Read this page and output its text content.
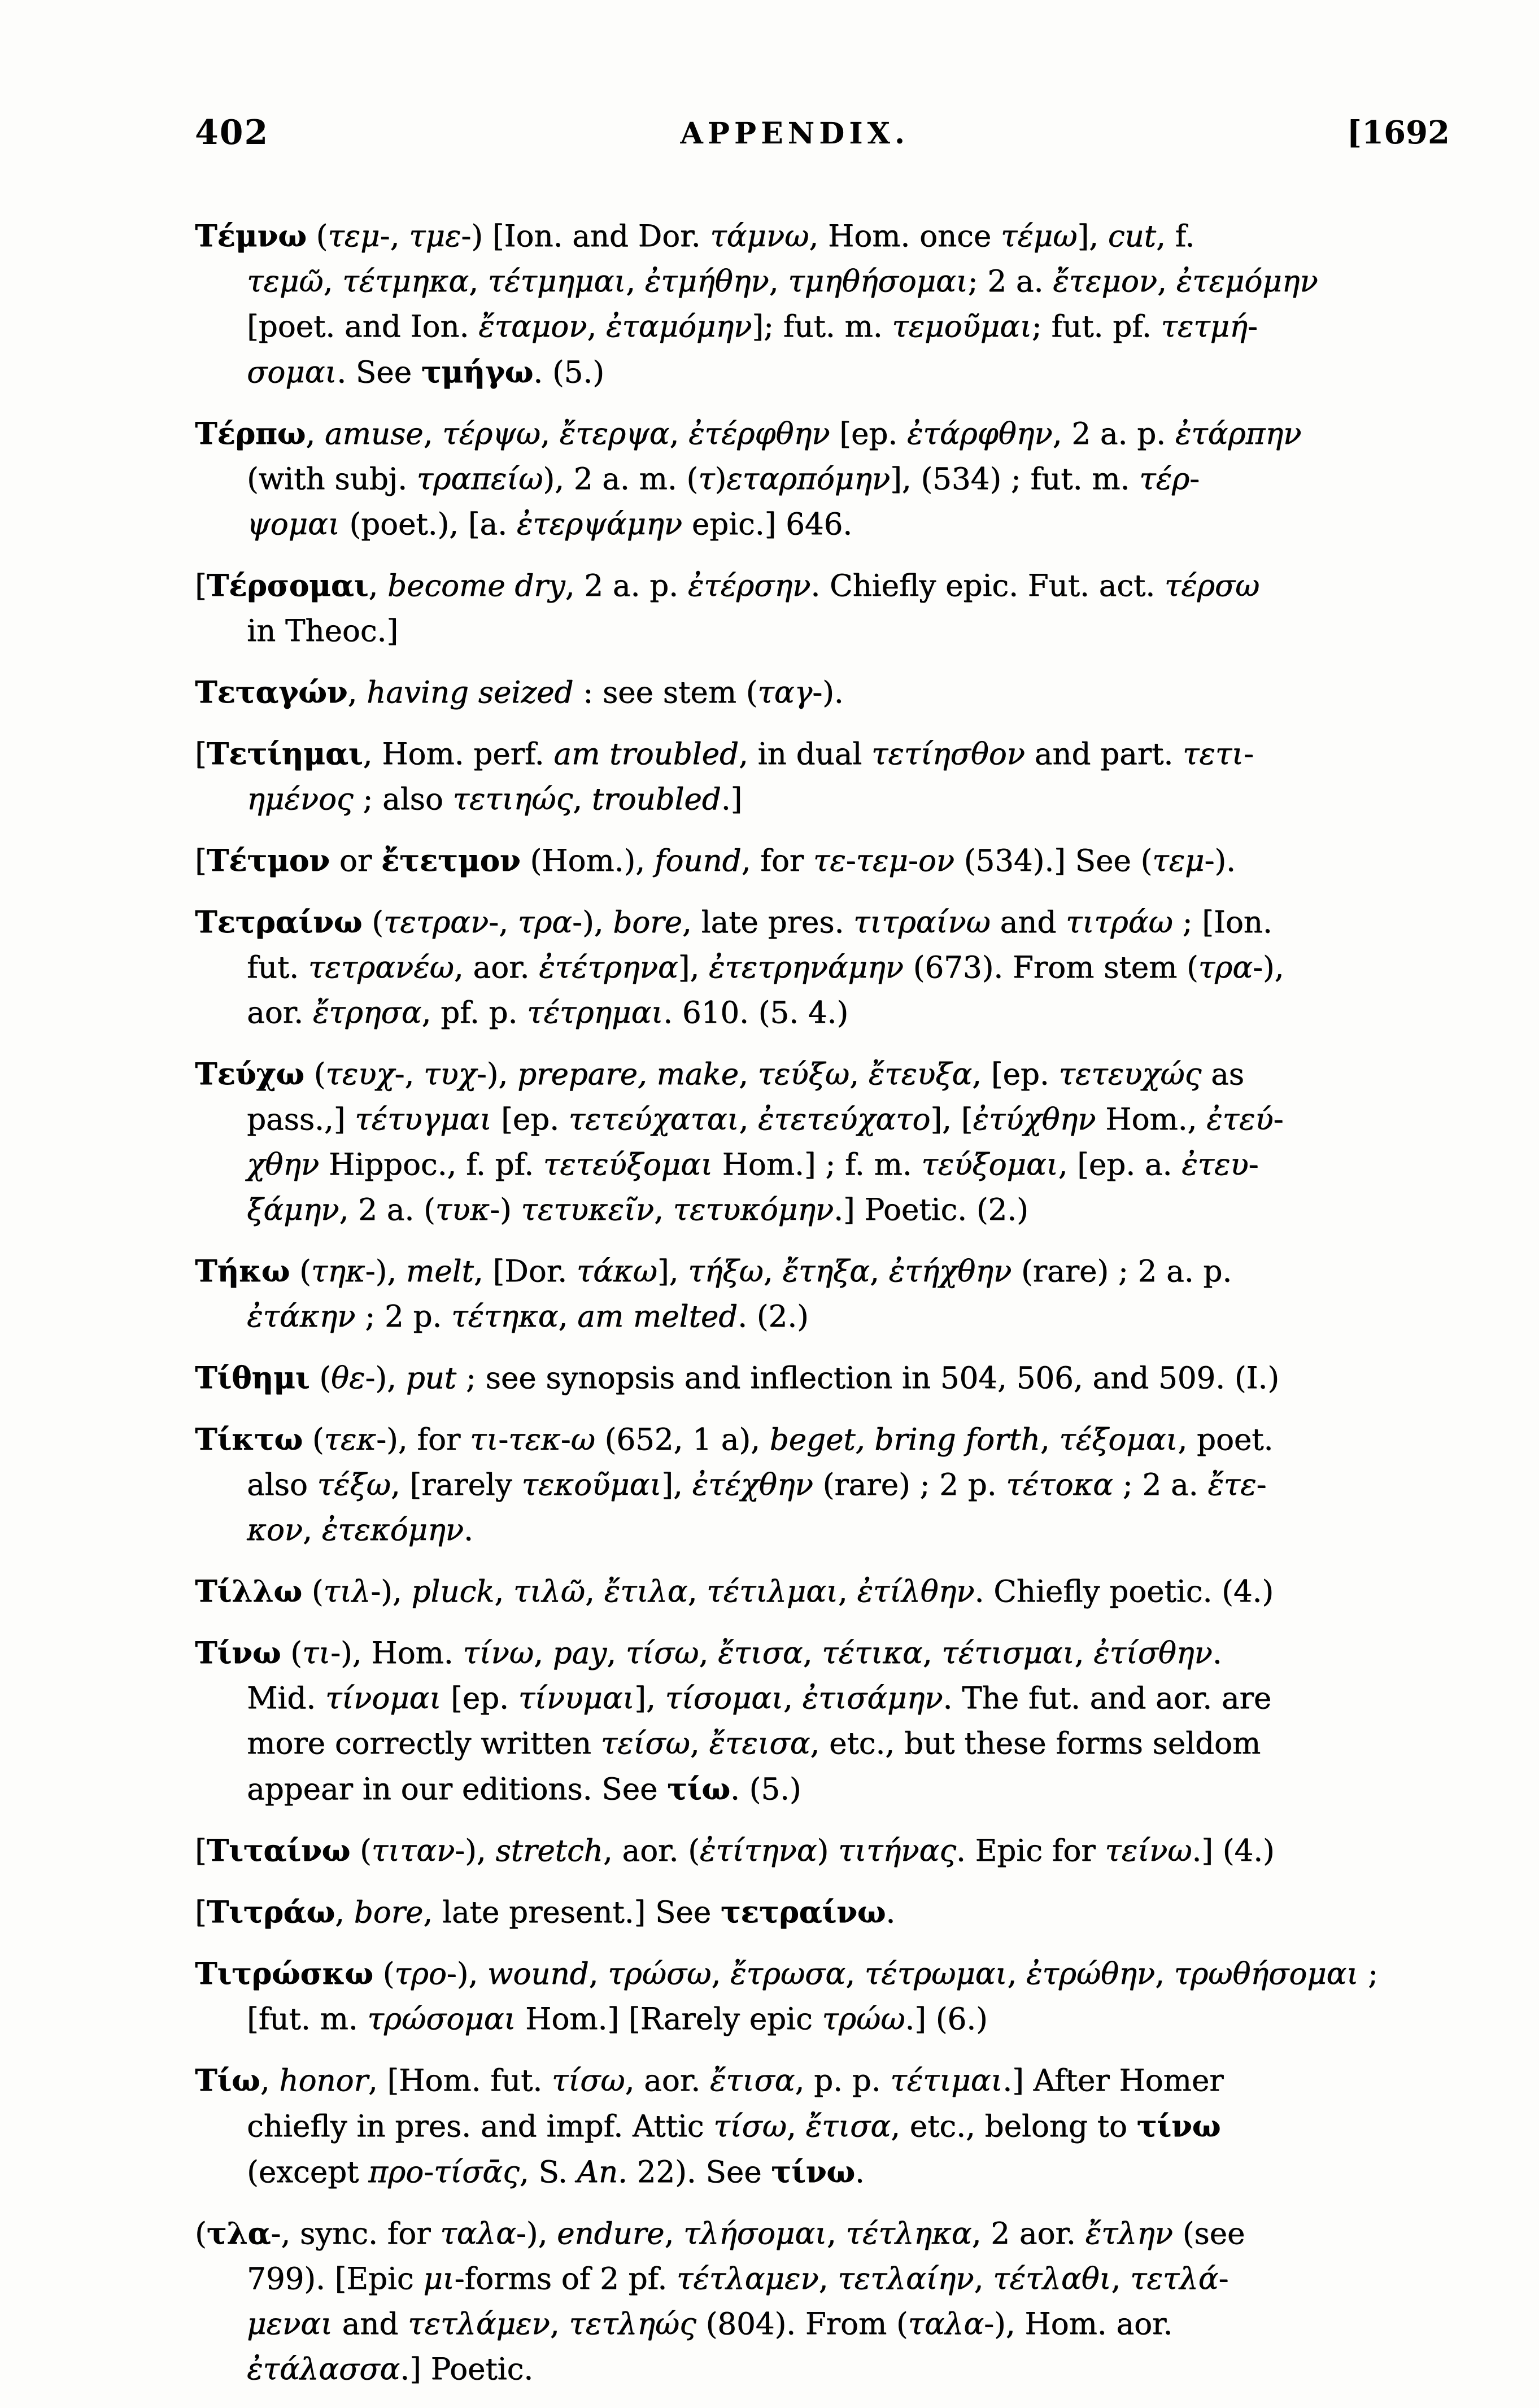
402	APPENDIX.	[1692
Τέμνω (τεμ-, τμε-) [Ion. and Dor. τάμνω, Hom. once τέμω], cut, f.
τεμῶ, τέτμηκα, τέτμημαι, ἐτμήθην, τμηθήσομαι; 2 a. ἔτεμον, ἐτεμόμην
[poet. and Ion. ἔταμον, ἐταμόμην]; fut. m. τεμοῦμαι; fut. pf. τετμή-
σομαι. See τμήγω. (5.)
Τέρπω, amuse, τέρψω, ἔτερψα, ἐτέρφθην [ep. ἐτάρφθην, 2 a. p. ἐτάρπην
(with subj. τραπείω), 2 a. m. (τ)εταρπόμην], (534) ; fut. m. τέρ-
ψομαι (poet.), [a. ἐτερψάμην epic.] 646.
[Τέρσομαι, become dry, 2 a. p. ἐτέρσην. Chiefly epic. Fut. act. τέρσω
in Theoc.]
Τεταγών, having seized : see stem (ταγ-).
[Τετίημαι, Hom. perf. am troubled, in dual τετίησθον and part. τετι-
ημένος ; also τετιηώς, troubled.]
[Τέτμον or ἔτετμον (Hom.), found, for τε-τεμ-ον (534).] See (τεμ-).
Τετραίνω (τετραν-, τρα-), bore, late pres. τιτραίνω and τιτράω ; [Ion.
fut. τετρανέω, aor. ἐτέτρηνα], ἐτετρηνάμην (673). From stem (τρα-),
aor. ἔτρησα, pf. p. τέτρημαι. 610. (5. 4.)
Τεύχω (τευχ-, τυχ-), prepare, make, τεύξω, ἔτευξα, [ep. τετευχώς as
pass.,] τέτυγμαι [ep. τετεύχαται, ἐτετεύχατο], [ἐτύχθην Hom., ἐτεύ-
χθην Hippoc., f. pf. τετεύξομαι Hom.] ; f. m. τεύξομαι, [ep. a. ἐτευ-
ξάμην, 2 a. (τυκ-) τετυκεῖν, τετυκόμην.] Poetic. (2.)
Τήκω (τηκ-), melt, [Dor. τάκω], τήξω, ἔτηξα, ἐτήχθην (rare) ; 2 a. p.
ἐτάκην ; 2 p. τέτηκα, am melted. (2.)
Τίθημι (θε-), put ; see synopsis and inflection in 504, 506, and 509. (I.)
Τίκτω (τεκ-), for τι-τεκ-ω (652, 1 a), beget, bring forth, τέξομαι, poet.
also τέξω, [rarely τεκοῦμαι], ἐτέχθην (rare) ; 2 p. τέτοκα ; 2 a. ἔτε-
κον, ἐτεκόμην.
Τίλλω (τιλ-), pluck, τιλῶ, ἔτιλα, τέτιλμαι, ἐτίλθην. Chiefly poetic. (4.)
Τίνω (τι-), Hom. τίνω, pay, τίσω, ἔτισα, τέτικα, τέτισμαι, ἐτίσθην.
Mid. τίνομαι [ep. τίνυμαι], τίσομαι, ἐτισάμην. The fut. and aor. are
more correctly written τείσω, ἔτεισα, etc., but these forms seldom
appear in our editions. See τίω. (5.)
[Τιταίνω (τιταν-), stretch, aor. (ἐτίτηνα) τιτήνας. Epic for τείνω.] (4.)
[Τιτράω, bore, late present.] See τετραίνω.
Τιτρώσκω (τρο-), wound, τρώσω, ἔτρωσα, τέτρωμαι, ἐτρώθην, τρωθήσομαι ;
[fut. m. τρώσομαι Hom.] [Rarely epic τρώω.] (6.)
Τίω, honor, [Hom. fut. τίσω, aor. ἔτισα, p. p. τέτιμαι.] After Homer
chiefly in pres. and impf. Attic τίσω, ἔτισα, etc., belong to τίνω
(except προ-τίσᾱς, S. An. 22). See τίνω.
(τλα-, sync. for ταλα-), endure, τλήσομαι, τέτληκα, 2 aor. ἔτλην (see
799). [Epic μι-forms of 2 pf. τέτλαμεν, τετλαίην, τέτλαθι, τετλά-
μεναι and τετλάμεν, τετληώς (804). From (ταλα-), Hom. aor.
ἐτάλασσα.] Poetic.
